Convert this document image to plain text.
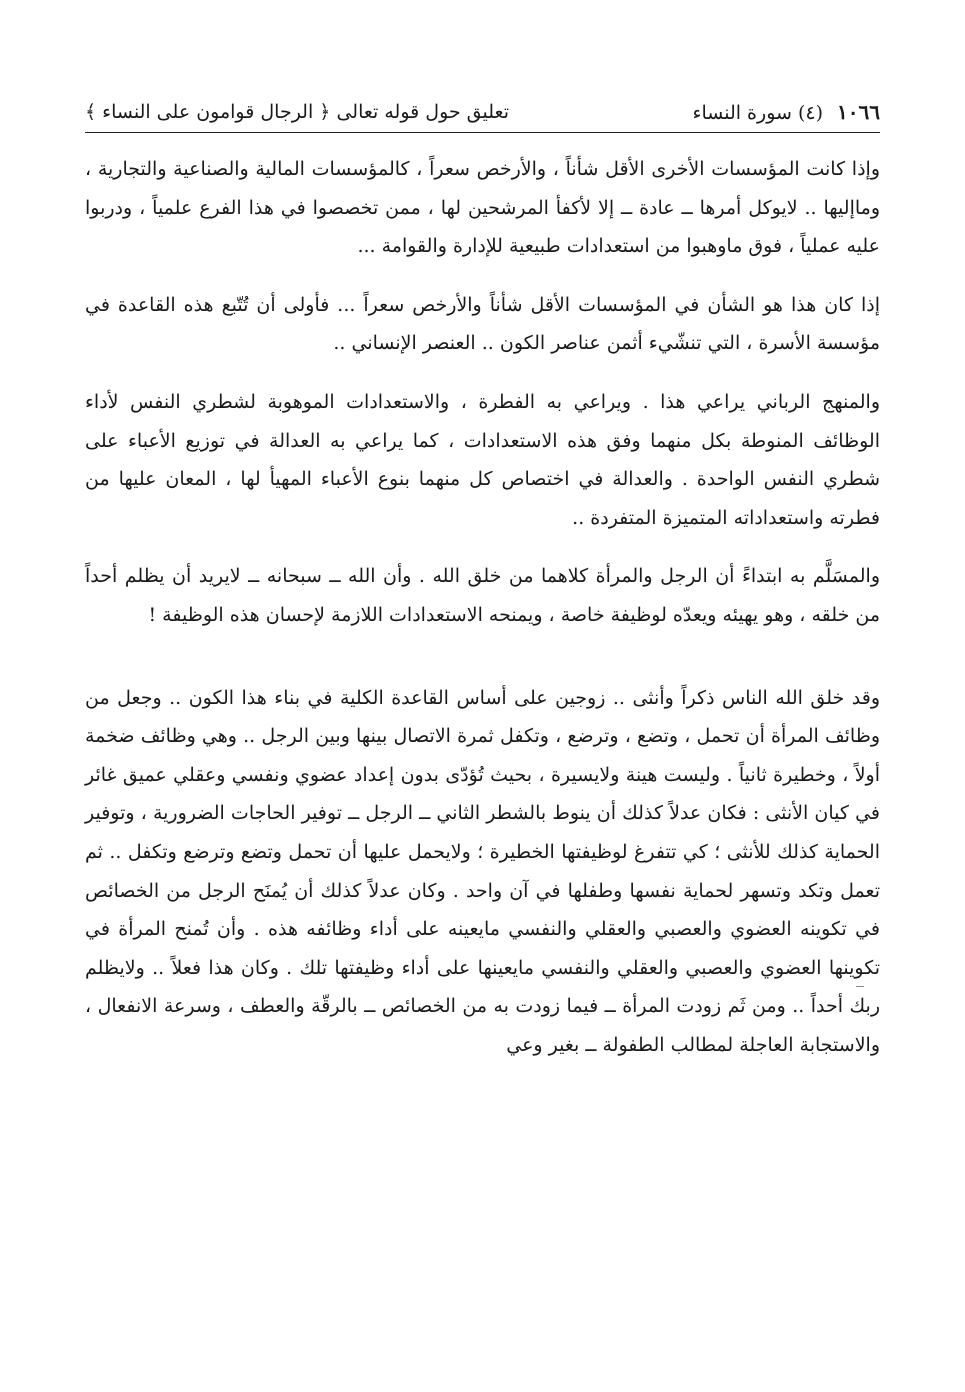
١٠٦٦
(٤) سورة النساء
تعليق حول قوله تعالى ﴿ الرجال قوامون على النساء ﴾

وإذا كانت المؤسسات الأخرى الأقل شأناً ، والأرخص سعراً ، كالمؤسسات المالية والصناعية والتجارية ، وماإليها .. لايوكل أمرها ــ عادة ــ إلا لأكفأ المرشحين لها ، ممن تخصصوا في هذا الفرع علمياً ، ودربوا عليه عملياً ، فوق ماوهبوا من استعدادات طبيعية للإدارة والقوامة ...

إذا كان هذا هو الشأن في المؤسسات الأقل شأناً والأرخص سعراً ... فأولى أن تُتّبع هذه القاعدة في مؤسسة الأسرة ، التي تنشّيء أثمن عناصر الكون .. العنصر الإنساني ..

والمنهج الرباني يراعي هذا . ويراعي به الفطرة ، والاستعدادات الموهوبة لشطري النفس لأداء الوظائف المنوطة بكل منهما وفق هذه الاستعدادات ، كما يراعي به العدالة في توزيع الأعباء على شطري النفس الواحدة . والعدالة في اختصاص كل منهما بنوع الأعباء المهيأ لها ، المعان عليها من فطرته واستعداداته المتميزة المتفردة ..

والمسَلَّم به ابتداءً أن الرجل والمرأة كلاهما من خلق الله . وأن الله ــ سبحانه ــ لايريد أن يظلم أحداً من خلقه ، وهو يهيئه ويعدّه لوظيفة خاصة ، ويمنحه الاستعدادات اللازمة لإحسان هذه الوظيفة !

وقد خلق الله الناس ذكراً وأنثى .. زوجين على أساس القاعدة الكلية في بناء هذا الكون .. وجعل من وظائف المرأة أن تحمل ، وتضع ، وترضع ، وتكفل ثمرة الاتصال بينها وبين الرجل .. وهي وظائف ضخمة أولاً ، وخطيرة ثانياً . وليست هينة ولايسيرة ، بحيث تُؤدّى بدون إعداد عضوي ونفسي وعقلي عميق غائر في كيان الأنثى : فكان عدلاً كذلك أن ينوط بالشطر الثاني ــ الرجل ــ توفير الحاجات الضرورية ، وتوفير الحماية كذلك للأنثى ؛ كي تتفرغ لوظيفتها الخطيرة ؛ ولايحمل عليها أن تحمل وتضع وترضع وتكفل .. ثم تعمل وتكد وتسهر لحماية نفسها وطفلها في آن واحد . وكان عدلاً كذلك أن يُمنَح الرجل من الخصائص في تكوينه العضوي والعصبي والعقلي والنفسي مايعينه على أداء وظائفه هذه . وأن تُمنح المرأة في تكوينها العضوي والعصبي والعقلي والنفسي مايعينها على أداء وظيفتها تلك . وكان هذا فعلاً .. ولايظلم ربك أحداً .. ومن ثَم زودت المرأة ــ فيما زودت به من الخصائص ــ بالرقّة والعطف ، وسرعة الانفعال ، والاستجابة العاجلة لمطالب الطفولة ــ بغير وعي
